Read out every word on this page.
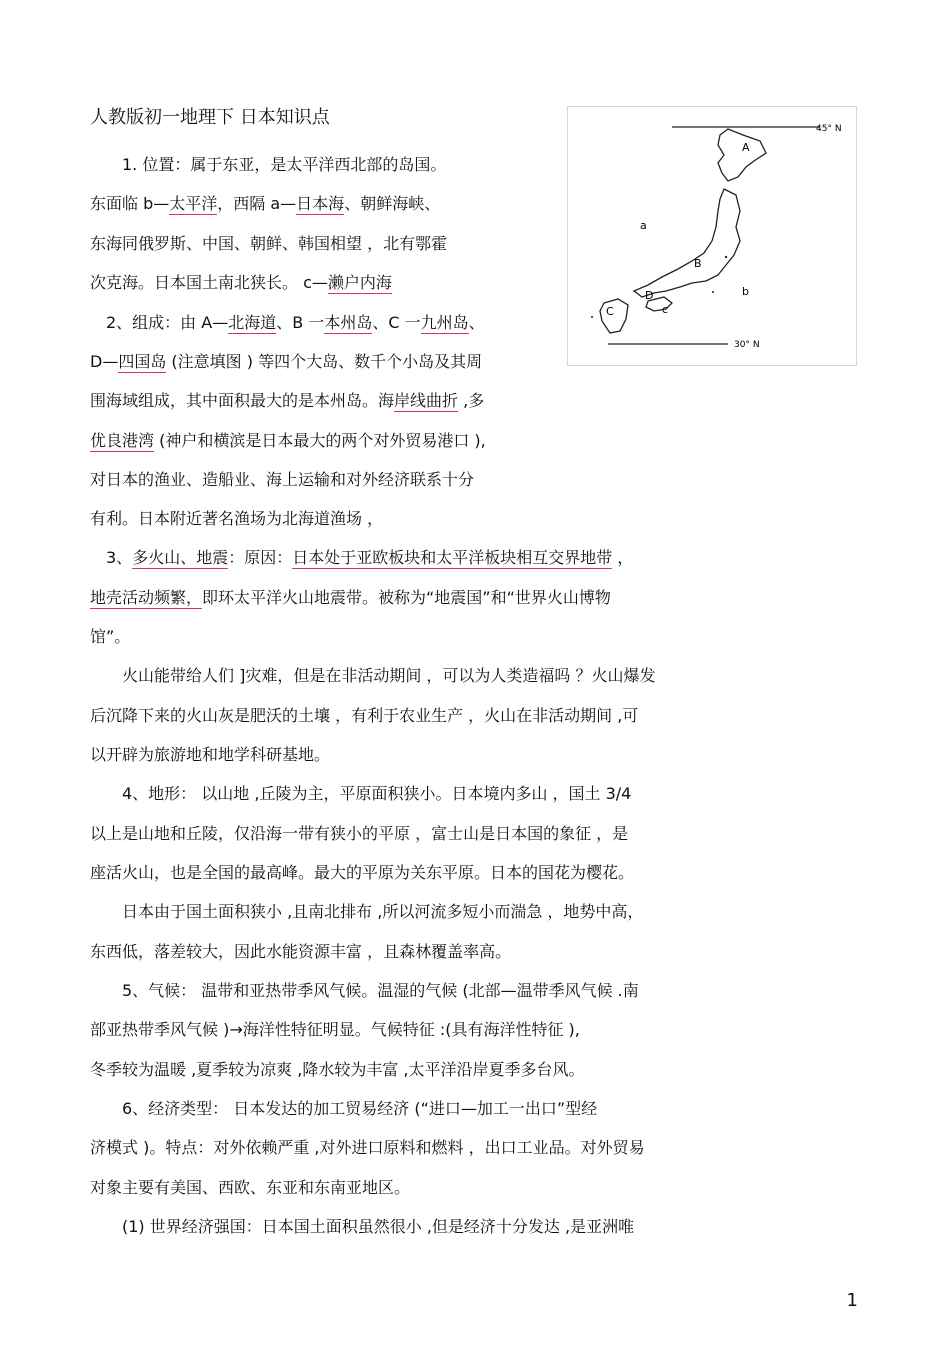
人教版初一地理下 日本知识点
　　1. 位置：属于东亚，是太平洋西北部的岛国。
东面临 b—太平洋，西隔 a—日本海、朝鲜海峡、
东海同俄罗斯、中国、朝鲜、韩国相望 ，北有鄂霍
次克海。日本国土南北狭长。 c—濑户内海
　2、组成：由 A—北海道、B 一本州岛、C 一九州岛、
D—四国岛 (注意填图 ) 等四个大岛、数千个小岛及其周
围海域组成，其中面积最大的是本州岛。海岸线曲折 ,多
优良港湾 (神户和横滨是日本最大的两个对外贸易港口 ),
对日本的渔业、造船业、海上运输和对外经济联系十分
有利。日本附近著名渔场为北海道渔场 ，
　3、多火山、地震：原因：日本处于亚欧板块和太平洋板块相互交界地带 ，
地壳活动频繁，即环太平洋火山地震带。被称为“地震国”和“世界火山博物
馆”。
　　火山能带给人们 ]灾难，但是在非活动期间 ，可以为人类造福吗 ？火山爆发
后沉降下来的火山灰是肥沃的土壤 ，有利于农业生产 ，火山在非活动期间 ,可
以开辟为旅游地和地学科研基地。
　　4、地形： 以山地 ,丘陵为主，平原面积狭小。日本境内多山 ，国土 3/4
以上是山地和丘陵，仅沿海一带有狭小的平原 ，富士山是日本国的象征 ，是
座活火山，也是全国的最高峰。最大的平原为关东平原。日本的国花为樱花。
　　日本由于国土面积狭小 ,且南北排布 ,所以河流多短小而湍急 ，地势中高，
东西低，落差较大，因此水能资源丰富 ，且森林覆盖率高。
　　5、气候： 温带和亚热带季风气候。温湿的气候 (北部—温带季风气候 .南
部亚热带季风气候 )→海洋性特征明显。气候特征 :(具有海洋性特征 ),
冬季较为温暖 ,夏季较为凉爽 ,降水较为丰富 ,太平洋沿岸夏季多台风。
　　6、经济类型： 日本发达的加工贸易经济 (“进口—加工一出口”型经
济模式 )。特点：对外依赖严重 ,对外进口原料和燃料 ，出口工业品。对外贸易
对象主要有美国、西欧、东亚和东南亚地区。
　　(1) 世界经济强国：日本国土面积虽然很小 ,但是经济十分发达 ,是亚洲唯
45° N
30° N
A
B
C
D
a
b
c
1
